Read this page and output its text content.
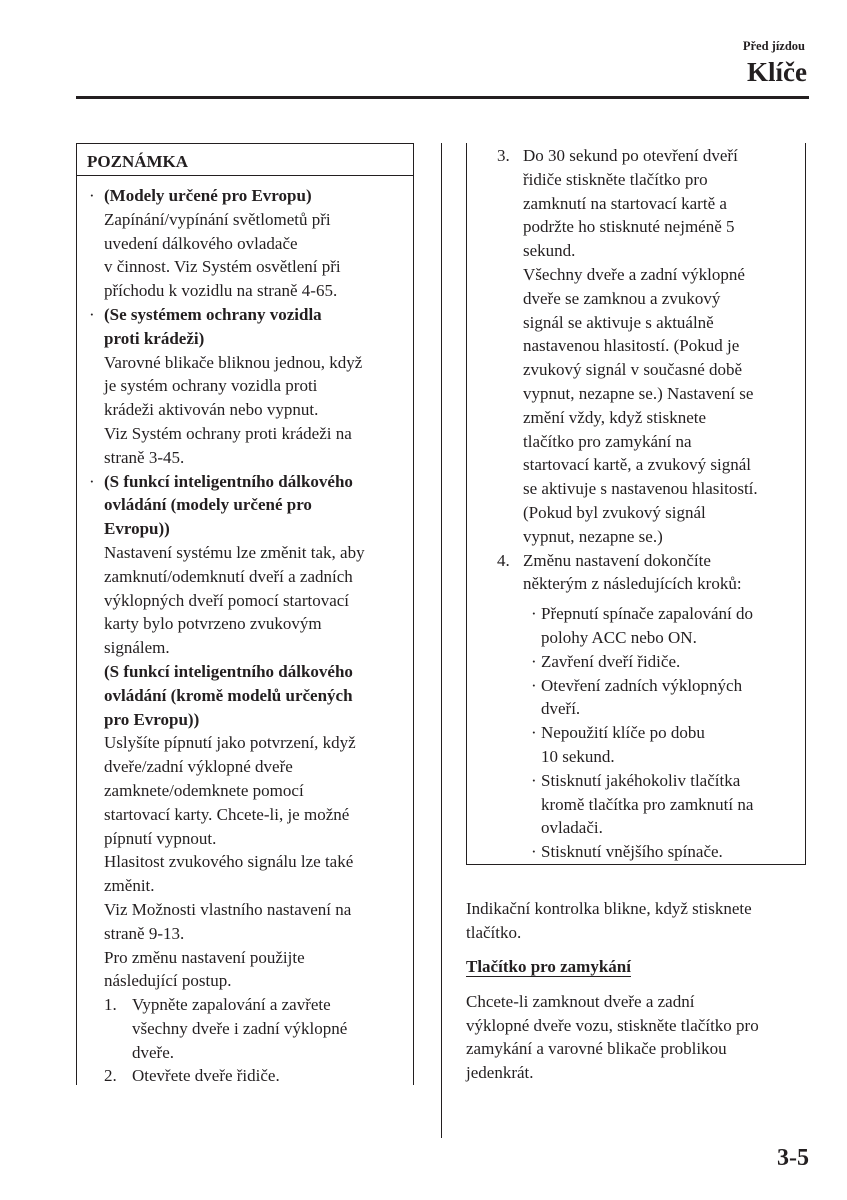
Před jízdou
Klíče
POZNÁMKA
· (Modely určené pro Evropu)
Zapínání/vypínání světlometů při
uvedení dálkového ovladače
v činnost. Viz Systém osvětlení při
příchodu k vozidlu na straně 4-65.
· (Se systémem ochrany vozidla
proti krádeži)
Varovné blikače bliknou jednou, když
je systém ochrany vozidla proti
krádeži aktivován nebo vypnut.
Viz Systém ochrany proti krádeži na
straně 3-45.
· (S funkcí inteligentního dálkového
ovládání (modely určené pro
Evropu))
Nastavení systému lze změnit tak, aby
zamknutí/odemknutí dveří a zadních
výklopných dveří pomocí startovací
karty bylo potvrzeno zvukovým
signálem.
(S funkcí inteligentního dálkového
ovládání (kromě modelů určených
pro Evropu))
Uslyšíte pípnutí jako potvrzení, když
dveře/zadní výklopné dveře
zamknete/odemknete pomocí
startovací karty. Chcete-li, je možné
pípnutí vypnout.
Hlasitost zvukového signálu lze také
změnit.
Viz Možnosti vlastního nastavení na
straně 9-13.
Pro změnu nastavení použijte
následující postup.
1. Vypněte zapalování a zavřete
všechny dveře i zadní výklopné
dveře.
2. Otevřete dveře řidiče.
3. Do 30 sekund po otevření dveří
řidiče stiskněte tlačítko pro
zamknutí na startovací kartě a
podržte ho stisknuté nejméně 5
sekund.
Všechny dveře a zadní výklopné
dveře se zamknou a zvukový
signál se aktivuje s aktuálně
nastavenou hlasitostí. (Pokud je
zvukový signál v současné době
vypnut, nezapne se.) Nastavení se
změní vždy, když stisknete
tlačítko pro zamykání na
startovací kartě, a zvukový signál
se aktivuje s nastavenou hlasitostí.
(Pokud byl zvukový signál
vypnut, nezapne se.)
4. Změnu nastavení dokončíte
některým z následujících kroků:
· Přepnutí spínače zapalování do
polohy ACC nebo ON.
· Zavření dveří řidiče.
· Otevření zadních výklopných
dveří.
· Nepoužití klíče po dobu
10 sekund.
· Stisknutí jakéhokoliv tlačítka
kromě tlačítka pro zamknutí na
ovladači.
· Stisknutí vnějšího spínače.
Indikační kontrolka blikne, když stisknete
tlačítko.
Tlačítko pro zamykání
Chcete-li zamknout dveře a zadní
výklopné dveře vozu, stiskněte tlačítko pro
zamykání a varovné blikače problikou
jedenkrát.
3-5
